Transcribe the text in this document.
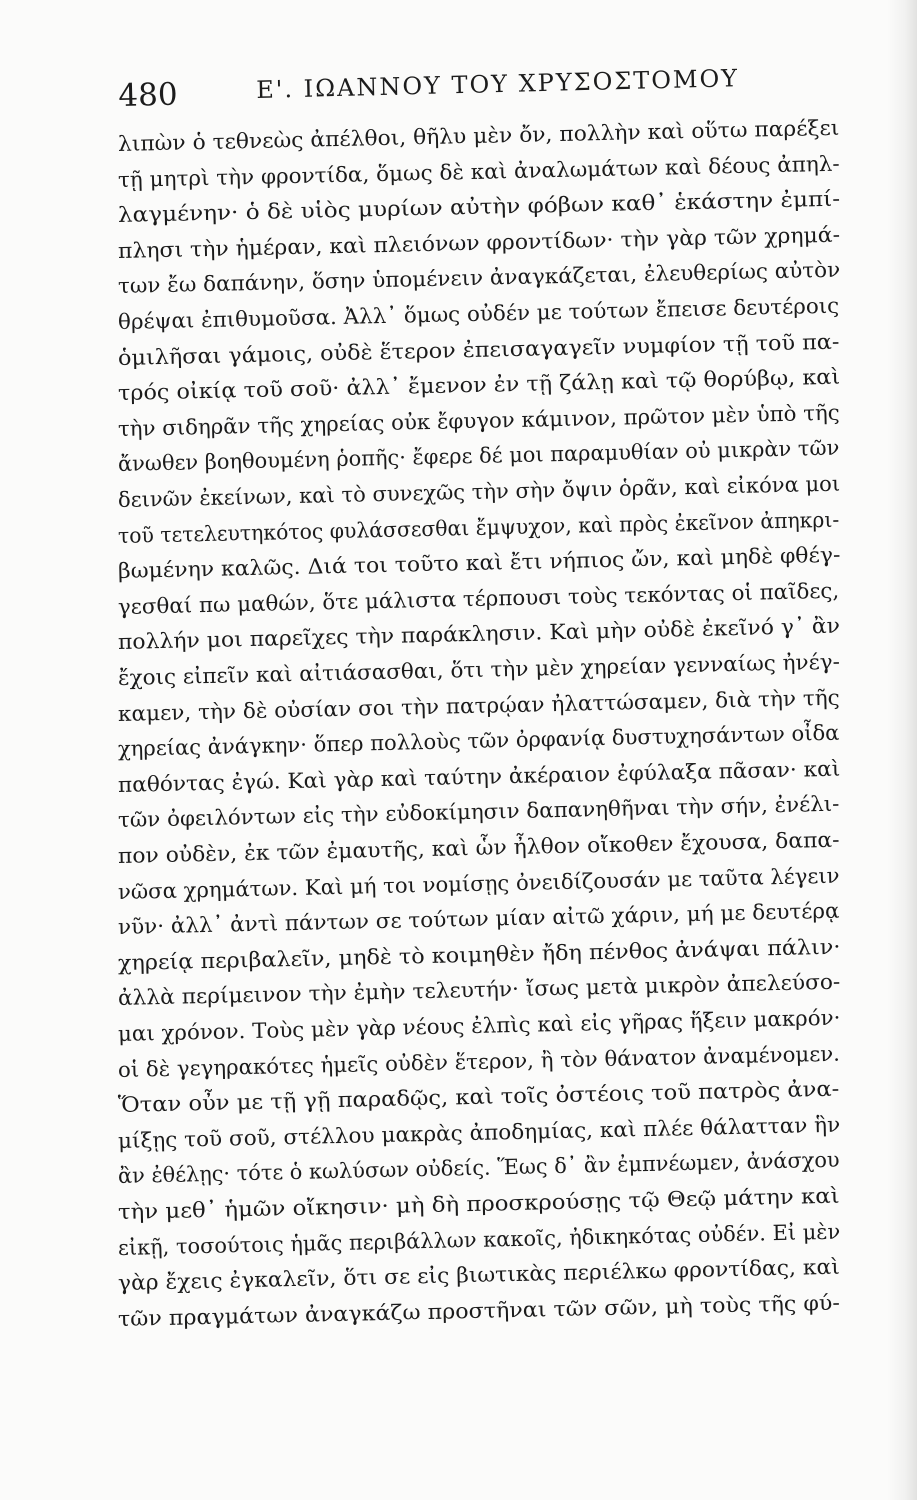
480	Ε'. ΙΩΑΝΝΟΥ ΤΟΥ ΧΡΥΣΟΣΤΟΜΟΥ
λιπὼν ὁ τεθνεὼς ἀπέλθοι, θῆλυ μὲν ὄν, πολλὴν καὶ οὕτω παρέξει
τῇ μητρὶ τὴν φροντίδα, ὅμως δὲ καὶ ἀναλωμάτων καὶ δέους ἀπηλ-
λαγμένην· ὁ δὲ υἱὸς μυρίων αὐτὴν φόβων καθ᾽ ἑκάστην ἐμπί-
πλησι τὴν ἡμέραν, καὶ πλειόνων φροντίδων· τὴν γὰρ τῶν χρημά-
των ἔω δαπάνην, ὅσην ὑπομένειν ἀναγκάζεται, ἐλευθερίως αὐτὸν
θρέψαι ἐπιθυμοῦσα. Ἀλλ᾽ ὅμως οὐδέν με τούτων ἔπεισε δευτέροις
ὁμιλῆσαι γάμοις, οὐδὲ ἕτερον ἐπεισαγαγεῖν νυμφίον τῇ τοῦ πα-
τρός οἰκίᾳ τοῦ σοῦ· ἀλλ᾽ ἔμενον ἐν τῇ ζάλῃ καὶ τῷ θορύβῳ, καὶ
τὴν σιδηρᾶν τῆς χηρείας οὐκ ἔφυγον κάμινον, πρῶτον μὲν ὑπὸ τῆς
ἄνωθεν βοηθουμένη ῥοπῆς· ἔφερε δέ μοι παραμυθίαν οὐ μικρὰν τῶν
δεινῶν ἐκείνων, καὶ τὸ συνεχῶς τὴν σὴν ὄψιν ὁρᾶν, καὶ εἰκόνα μοι
τοῦ τετελευτηκότος φυλάσσεσθαι ἔμψυχον, καὶ πρὸς ἐκεῖνον ἀπηκρι-
βωμένην καλῶς. Διά τοι τοῦτο καὶ ἔτι νήπιος ὤν, καὶ μηδὲ φθέγ-
γεσθαί πω μαθών, ὅτε μάλιστα τέρπουσι τοὺς τεκόντας οἱ παῖδες,
πολλήν μοι παρεῖχες τὴν παράκλησιν. Καὶ μὴν οὐδὲ ἐκεῖνό γ᾽ ἂν
ἔχοις εἰπεῖν καὶ αἰτιάσασθαι, ὅτι τὴν μὲν χηρείαν γενναίως ἠνέγ-
καμεν, τὴν δὲ οὐσίαν σοι τὴν πατρῴαν ἠλαττώσαμεν, διὰ τὴν τῆς
χηρείας ἀνάγκην· ὅπερ πολλοὺς τῶν ὀρφανίᾳ δυστυχησάντων οἶδα
παθόντας ἐγώ. Καὶ γὰρ καὶ ταύτην ἀκέραιον ἐφύλαξα πᾶσαν· καὶ
τῶν ὀφειλόντων εἰς τὴν εὐδοκίμησιν δαπανηθῆναι τὴν σήν, ἐνέλι-
πον οὐδὲν, ἐκ τῶν ἐμαυτῆς, καὶ ὧν ἦλθον οἴκοθεν ἔχουσα, δαπα-
νῶσα χρημάτων. Καὶ μή τοι νομίσῃς ὀνειδίζουσάν με ταῦτα λέγειν
νῦν· ἀλλ᾽ ἀντὶ πάντων σε τούτων μίαν αἰτῶ χάριν, μή με δευτέρᾳ
χηρείᾳ περιβαλεῖν, μηδὲ τὸ κοιμηθὲν ἤδη πένθος ἀνάψαι πάλιν·
ἀλλὰ περίμεινον τὴν ἐμὴν τελευτήν· ἴσως μετὰ μικρὸν ἀπελεύσο-
μαι χρόνον. Τοὺς μὲν γὰρ νέους ἐλπὶς καὶ εἰς γῆρας ἥξειν μακρόν·
οἱ δὲ γεγηρακότες ἡμεῖς οὐδὲν ἕτερον, ἢ τὸν θάνατον ἀναμένομεν.
Ὅταν οὖν με τῇ γῇ παραδῷς, καὶ τοῖς ὀστέοις τοῦ πατρὸς ἀνα-
μίξῃς τοῦ σοῦ, στέλλου μακρὰς ἀποδημίας, καὶ πλέε θάλατταν ἣν
ἂν ἐθέλῃς· τότε ὁ κωλύσων οὐδείς. Ἕως δ᾽ ἂν ἐμπνέωμεν, ἀνάσχου
τὴν μεθ᾽ ἡμῶν οἴκησιν· μὴ δὴ προσκρούσῃς τῷ Θεῷ μάτην καὶ
εἰκῇ, τοσούτοις ἡμᾶς περιβάλλων κακοῖς, ἠδικηκότας οὐδέν. Εἰ μὲν
γὰρ ἔχεις ἐγκαλεῖν, ὅτι σε εἰς βιωτικὰς περιέλκω φροντίδας, καὶ
τῶν πραγμάτων ἀναγκάζω προστῆναι τῶν σῶν, μὴ τοὺς τῆς φύ-
